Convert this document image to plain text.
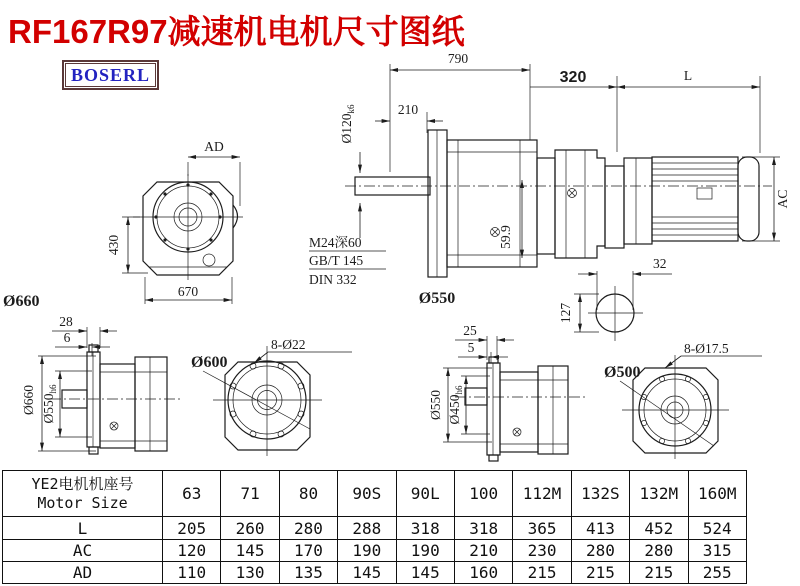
RF167R97减速机电机尺寸图纸
BOSERL
790
320	L
210
$Ø120_{k6}$
M24深60
GB/T 145
DIN 332
59.9
Ø550
AC
AD
430
670
Ø660
28
6
Ø660 $Ø550_{h6}$
8-Ø22
Ø600
25
5
Ø550 $Ø450_{h6}$
32
127
8-Ø17.5
Ø500
YE2电机机座号
Motor Size	63	71	80	90S	90L	100	112M	132S	132M	160M
L	205	260	280	288	318	318	365	413	452	524
AC	120	145	170	190	190	210	230	280	280	315
AD	110	130	135	145	145	160	215	215	215	255
